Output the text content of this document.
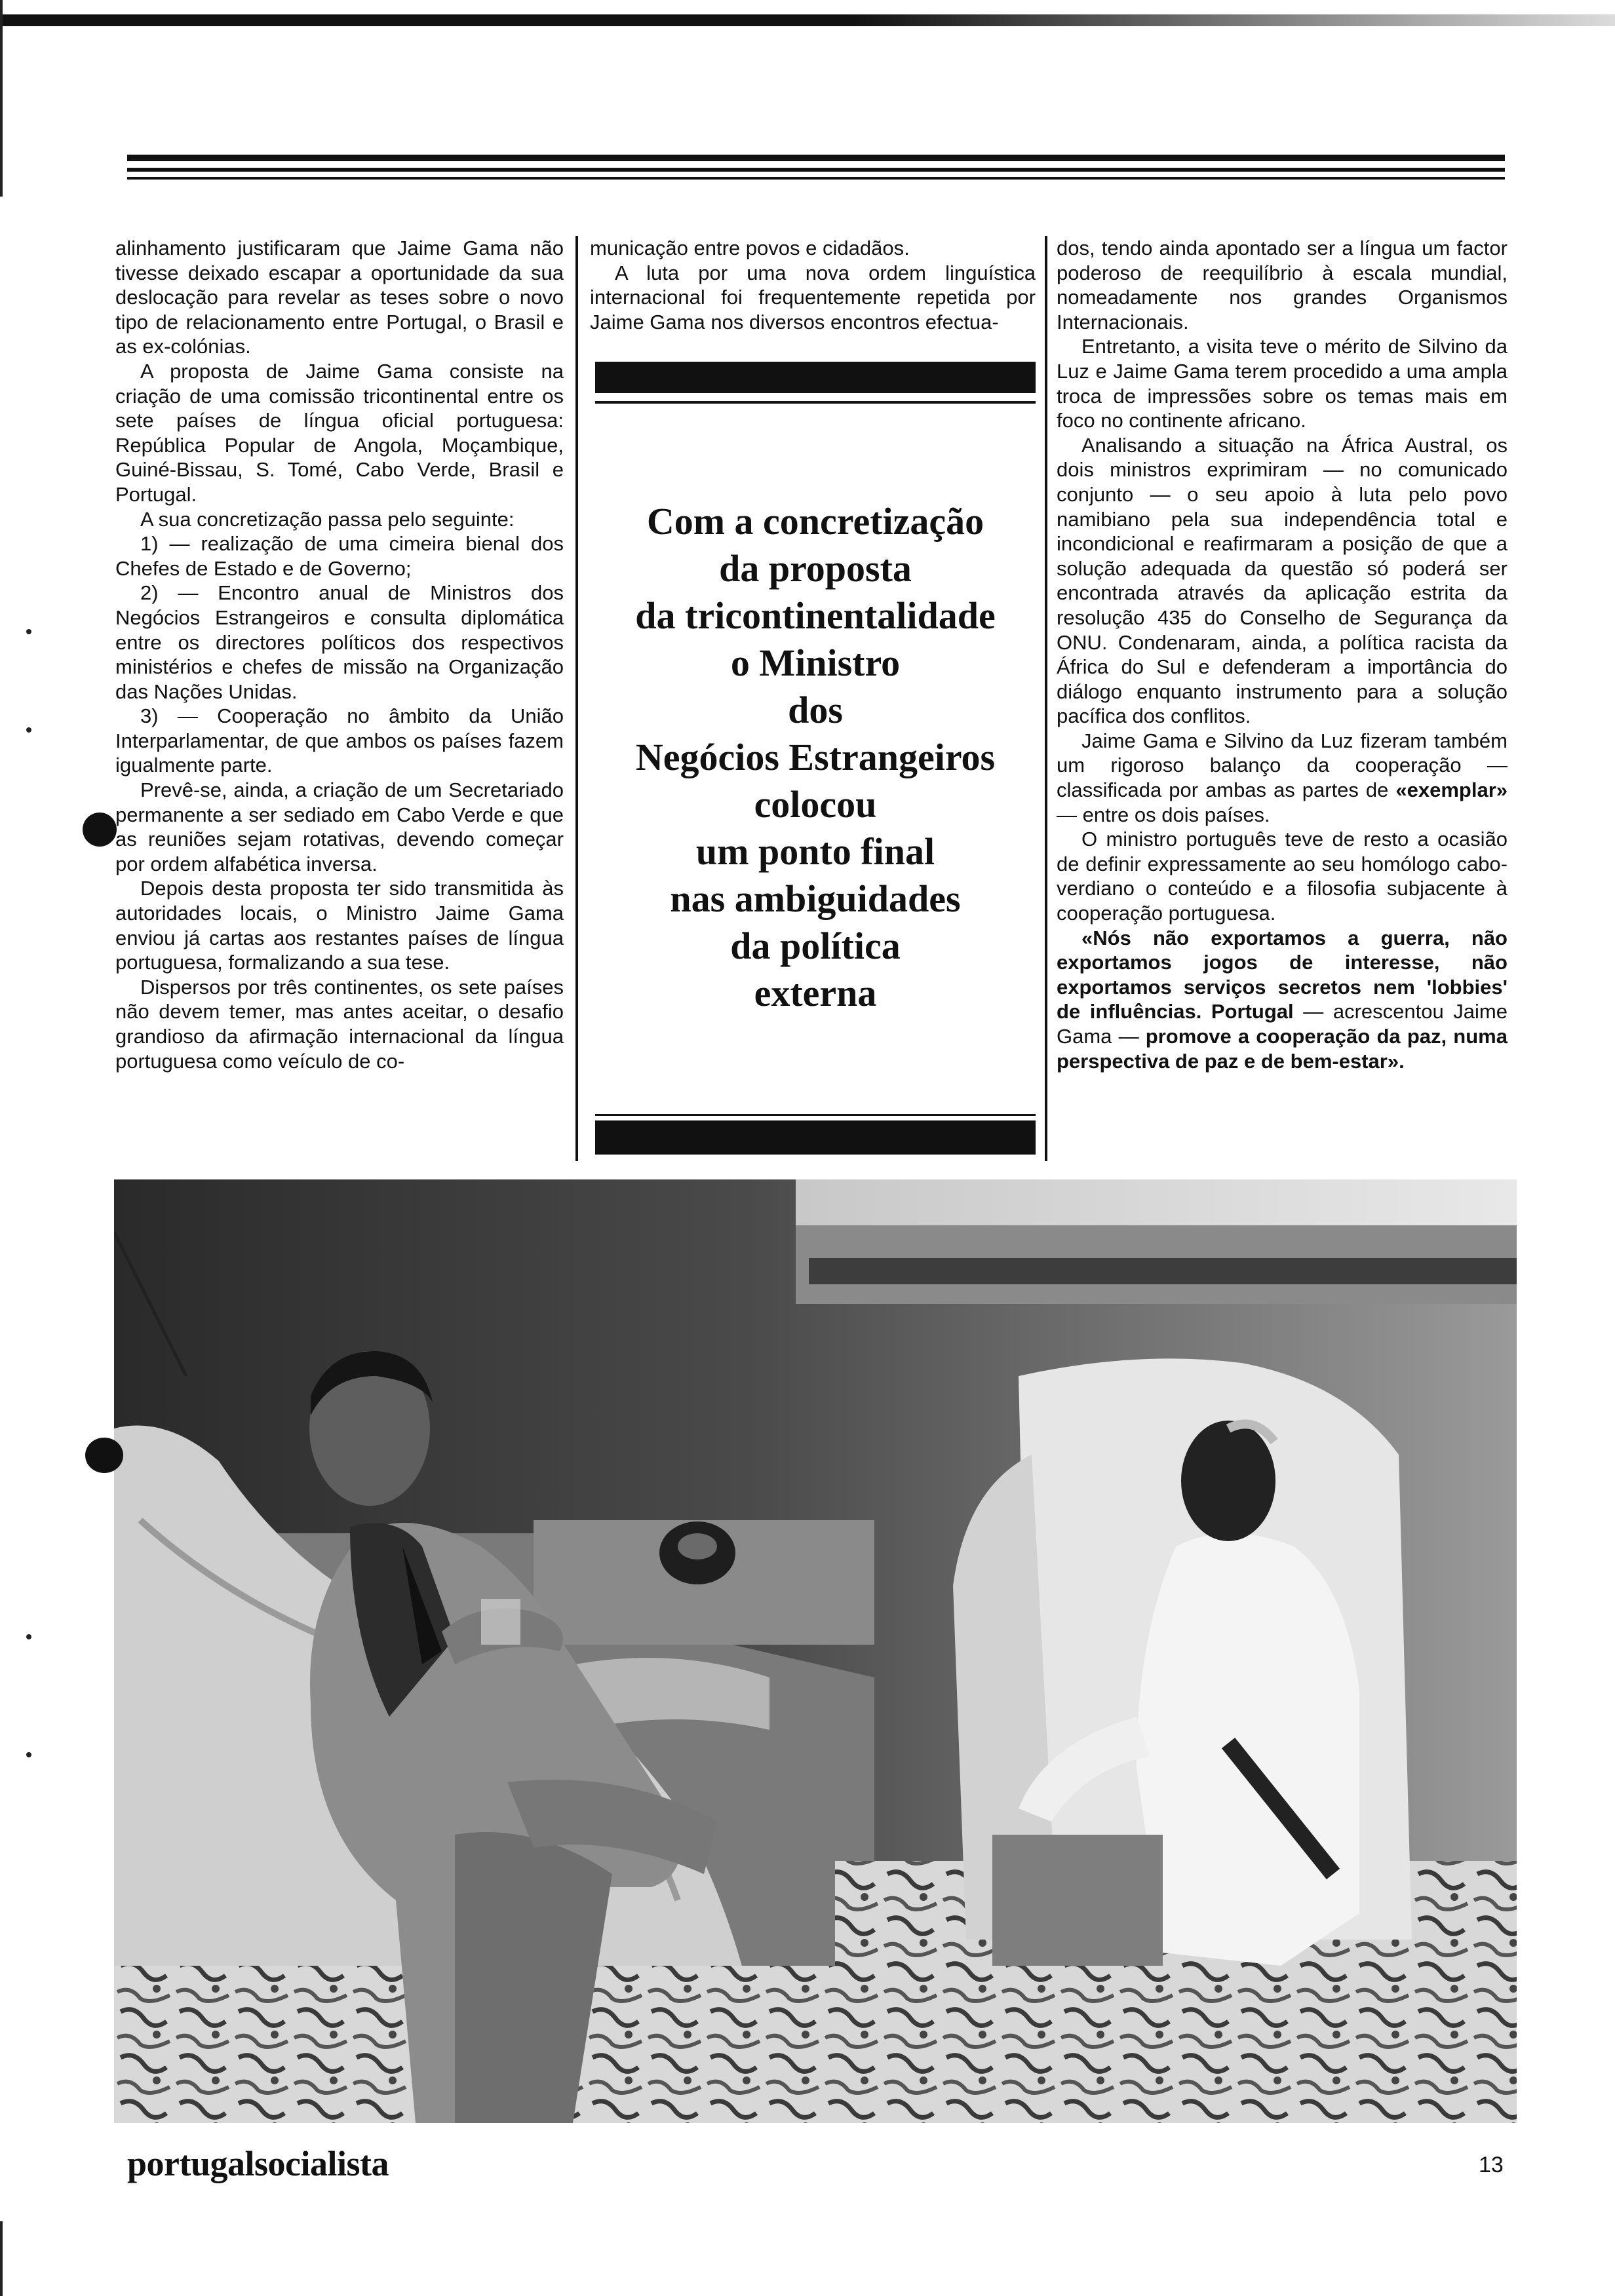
alinhamento justificaram que Jaime Gama não tivesse deixado escapar a oportunidade da sua deslocação para revelar as teses sobre o novo tipo de relacionamento entre Portugal, o Brasil e as ex-colónias.

A proposta de Jaime Gama consiste na criação de uma comissão tricontinental entre os sete países de língua oficial portuguesa: República Popular de Angola, Moçambique, Guiné-Bissau, S. Tomé, Cabo Verde, Brasil e Portugal.

A sua concretização passa pelo seguinte:

1) — realização de uma cimeira bienal dos Chefes de Estado e de Governo;

2) — Encontro anual de Ministros dos Negócios Estrangeiros e consulta diplomática entre os directores políticos dos respectivos ministérios e chefes de missão na Organização das Nações Unidas.

3) — Cooperação no âmbito da União Interparlamentar, de que ambos os países fazem igualmente parte.

Prevê-se, ainda, a criação de um Secretariado permanente a ser sediado em Cabo Verde e que as reuniões sejam rotativas, devendo começar por ordem alfabética inversa.

Depois desta proposta ter sido transmitida às autoridades locais, o Ministro Jaime Gama enviou já cartas aos restantes países de língua portuguesa, formalizando a sua tese.

Dispersos por três continentes, os sete países não devem temer, mas antes aceitar, o desafio grandioso da afirmação internacional da língua portuguesa como veículo de co-

municação entre povos e cidadãos.

A luta por uma nova ordem linguística internacional foi frequentemente repetida por Jaime Gama nos diversos encontros efectua-

Com a concretização
da proposta
da tricontinentalidade
o Ministro
dos
Negócios Estrangeiros
colocou
um ponto final
nas ambiguidades
da política
externa

dos, tendo ainda apontado ser a língua um factor poderoso de reequilíbrio à escala mundial, nomeadamente nos grandes Organismos Internacionais.

Entretanto, a visita teve o mérito de Silvino da Luz e Jaime Gama terem procedido a uma ampla troca de impressões sobre os temas mais em foco no continente africano.

Analisando a situação na África Austral, os dois ministros exprimiram — no comunicado conjunto — o seu apoio à luta pelo povo namibiano pela sua independência total e incondicional e reafirmaram a posição de que a solução adequada da questão só poderá ser encontrada através da aplicação estrita da resolução 435 do Conselho de Segurança da ONU. Condenaram, ainda, a política racista da África do Sul e defenderam a importância do diálogo enquanto instrumento para a solução pacífica dos conflitos.

Jaime Gama e Silvino da Luz fizeram também um rigoroso balanço da cooperação — classificada por ambas as partes de «exemplar» — entre os dois países.

O ministro português teve de resto a ocasião de definir expressamente ao seu homólogo cabo-verdiano o conteúdo e a filosofia subjacente à cooperação portuguesa.

«Nós não exportamos a guerra, não exportamos jogos de interesse, não exportamos serviços secretos nem 'lobbies' de influências. Portugal — acrescentou Jaime Gama — promove a cooperação da paz, numa perspectiva de paz e de bem-estar».

portugalsocialista	13
